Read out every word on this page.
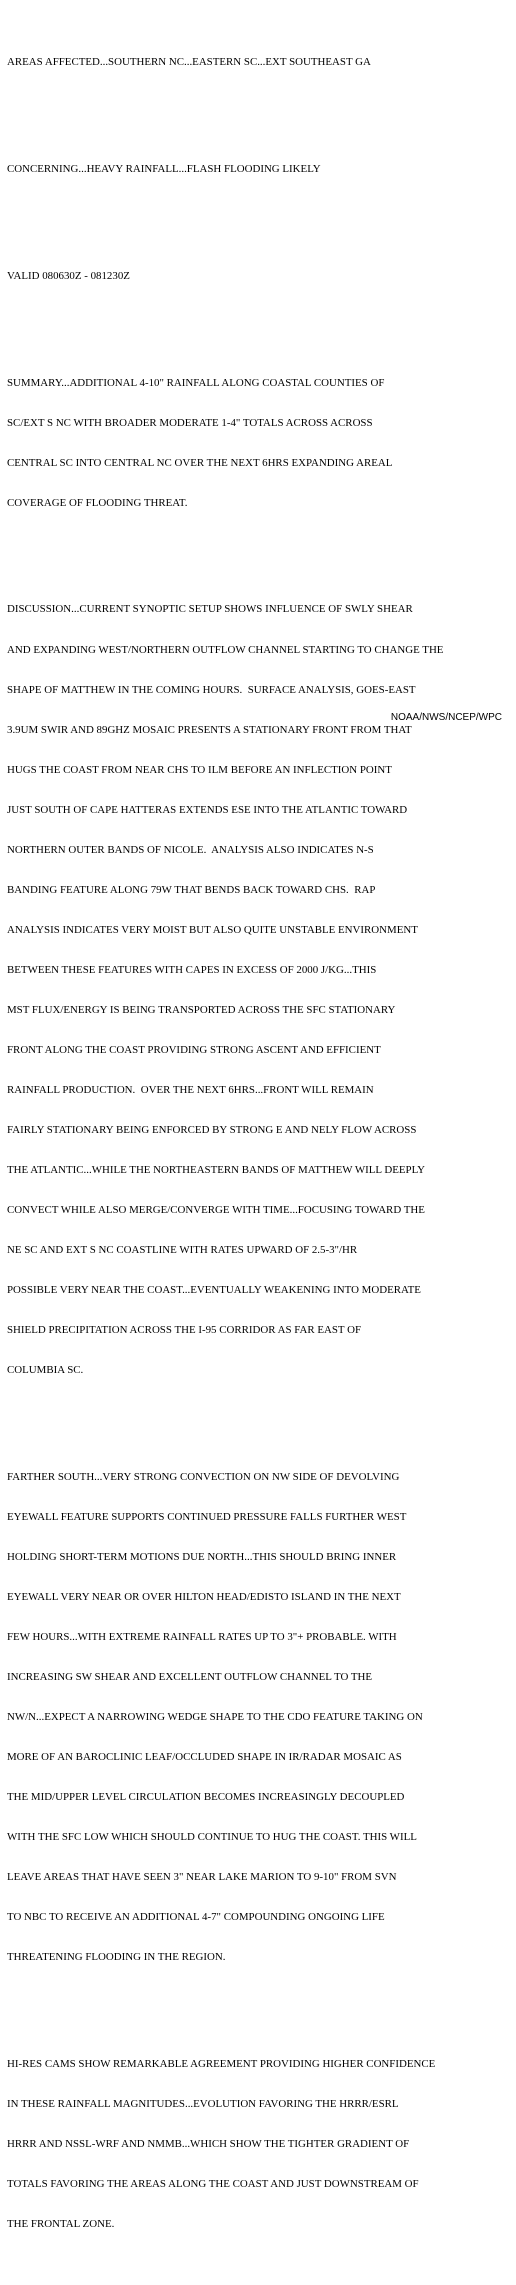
AREAS AFFECTED...SOUTHERN NC...EASTERN SC...EXT SOUTHEAST GA

CONCERNING...HEAVY RAINFALL...FLASH FLOODING LIKELY

VALID 080630Z - 081230Z

SUMMARY...ADDITIONAL 4-10" RAINFALL ALONG COASTAL COUNTIES OF

SC/EXT S NC WITH BROADER MODERATE 1-4" TOTALS ACROSS ACROSS

CENTRAL SC INTO CENTRAL NC OVER THE NEXT 6HRS EXPANDING AREAL

COVERAGE OF FLOODING THREAT.

DISCUSSION...CURRENT SYNOPTIC SETUP SHOWS INFLUENCE OF SWLY SHEAR

AND EXPANDING WEST/NORTHERN OUTFLOW CHANNEL STARTING TO CHANGE THE

SHAPE OF MATTHEW IN THE COMING HOURS.  SURFACE ANALYSIS, GOES-EAST

3.9UM SWIR AND 89GHZ MOSAIC PRESENTS A STATIONARY FRONT FROM THAT

HUGS THE COAST FROM NEAR CHS TO ILM BEFORE AN INFLECTION POINT

JUST SOUTH OF CAPE HATTERAS EXTENDS ESE INTO THE ATLANTIC TOWARD

NORTHERN OUTER BANDS OF NICOLE.  ANALYSIS ALSO INDICATES N-S

BANDING FEATURE ALONG 79W THAT BENDS BACK TOWARD CHS.  RAP

ANALYSIS INDICATES VERY MOIST BUT ALSO QUITE UNSTABLE ENVIRONMENT

BETWEEN THESE FEATURES WITH CAPES IN EXCESS OF 2000 J/KG...THIS

MST FLUX/ENERGY IS BEING TRANSPORTED ACROSS THE SFC STATIONARY

FRONT ALONG THE COAST PROVIDING STRONG ASCENT AND EFFICIENT

RAINFALL PRODUCTION.  OVER THE NEXT 6HRS...FRONT WILL REMAIN

FAIRLY STATIONARY BEING ENFORCED BY STRONG E AND NELY FLOW ACROSS

THE ATLANTIC...WHILE THE NORTHEASTERN BANDS OF MATTHEW WILL DEEPLY

CONVECT WHILE ALSO MERGE/CONVERGE WITH TIME...FOCUSING TOWARD THE

NE SC AND EXT S NC COASTLINE WITH RATES UPWARD OF 2.5-3"/HR

POSSIBLE VERY NEAR THE COAST...EVENTUALLY WEAKENING INTO MODERATE

SHIELD PRECIPITATION ACROSS THE I-95 CORRIDOR AS FAR EAST OF

COLUMBIA SC.

FARTHER SOUTH...VERY STRONG CONVECTION ON NW SIDE OF DEVOLVING

EYEWALL FEATURE SUPPORTS CONTINUED PRESSURE FALLS FURTHER WEST

HOLDING SHORT-TERM MOTIONS DUE NORTH...THIS SHOULD BRING INNER

EYEWALL VERY NEAR OR OVER HILTON HEAD/EDISTO ISLAND IN THE NEXT

FEW HOURS...WITH EXTREME RAINFALL RATES UP TO 3"+ PROBABLE. WITH

INCREASING SW SHEAR AND EXCELLENT OUTFLOW CHANNEL TO THE

NW/N...EXPECT A NARROWING WEDGE SHAPE TO THE CDO FEATURE TAKING ON

MORE OF AN BAROCLINIC LEAF/OCCLUDED SHAPE IN IR/RADAR MOSAIC AS

THE MID/UPPER LEVEL CIRCULATION BECOMES INCREASINGLY DECOUPLED

WITH THE SFC LOW WHICH SHOULD CONTINUE TO HUG THE COAST. THIS WILL

LEAVE AREAS THAT HAVE SEEN 3" NEAR LAKE MARION TO 9-10" FROM SVN

TO NBC TO RECEIVE AN ADDITIONAL 4-7" COMPOUNDING ONGOING LIFE

THREATENING FLOODING IN THE REGION.

HI-RES CAMS SHOW REMARKABLE AGREEMENT PROVIDING HIGHER CONFIDENCE

IN THESE RAINFALL MAGNITUDES...EVOLUTION FAVORING THE HRRR/ESRL

HRRR AND NSSL-WRF AND NMMB...WHICH SHOW THE TIGHTER GRADIENT OF

TOTALS FAVORING THE AREAS ALONG THE COAST AND JUST DOWNSTREAM OF

THE FRONTAL ZONE.

NOAA/NWS/NCEP/WPC
